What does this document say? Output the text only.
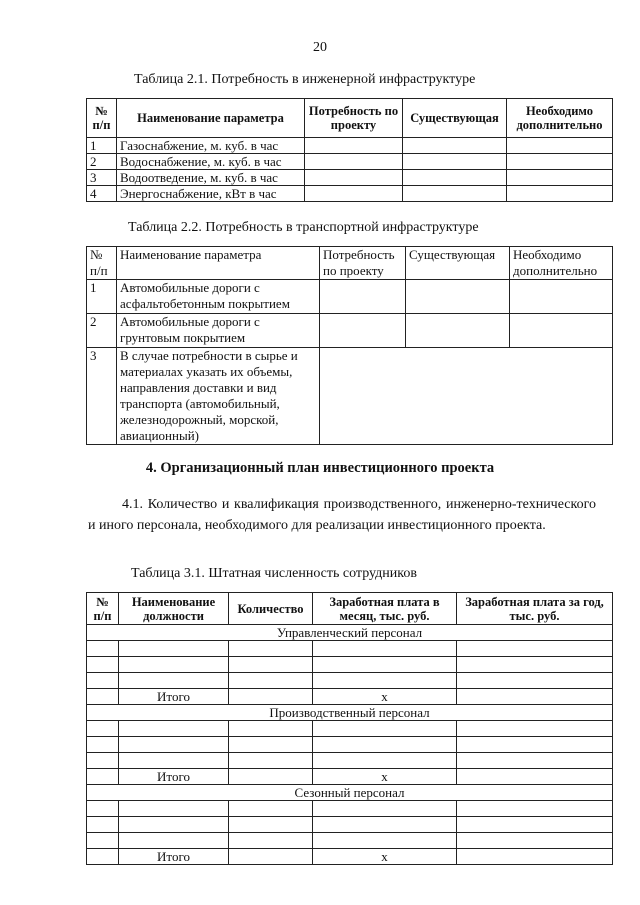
20
Таблица 2.1. Потребность в инженерной инфраструктуре
№ п/п	Наименование параметра	Потребность по проекту	Существующая	Необходимо дополнительно
1	Газоснабжение, м. куб. в час			
2	Водоснабжение, м. куб. в час			
3	Водоотведение, м. куб. в час			
4	Энергоснабжение, кВт в час			
Таблица 2.2. Потребность в транспортной инфраструктуре
№ п/п	Наименование параметра	Потребность по проекту	Существующая	Необходимо дополнительно
1	Автомобильные дороги с асфальтобетонным покрытием			
2	Автомобильные дороги с грунтовым покрытием			
3	В случае потребности в сырье и материалах указать их объемы, направления доставки и вид транспорта (автомобильный, железнодорожный, морской, авиационный)			
4. Организационный план инвестиционного проекта
4.1. Количество и квалификация производственного, инженерно-технического и иного персонала, необходимого для реализации инвестиционного проекта.
Таблица 3.1. Штатная численность сотрудников
№ п/п	Наименование должности	Количество	Заработная плата в месяц, тыс. руб.	Заработная плата за год, тыс. руб.
Управленческий персонал				

	Итого		х	
Производственный персонал				

	Итого		х	
Сезонный персонал				

	Итого		х	
